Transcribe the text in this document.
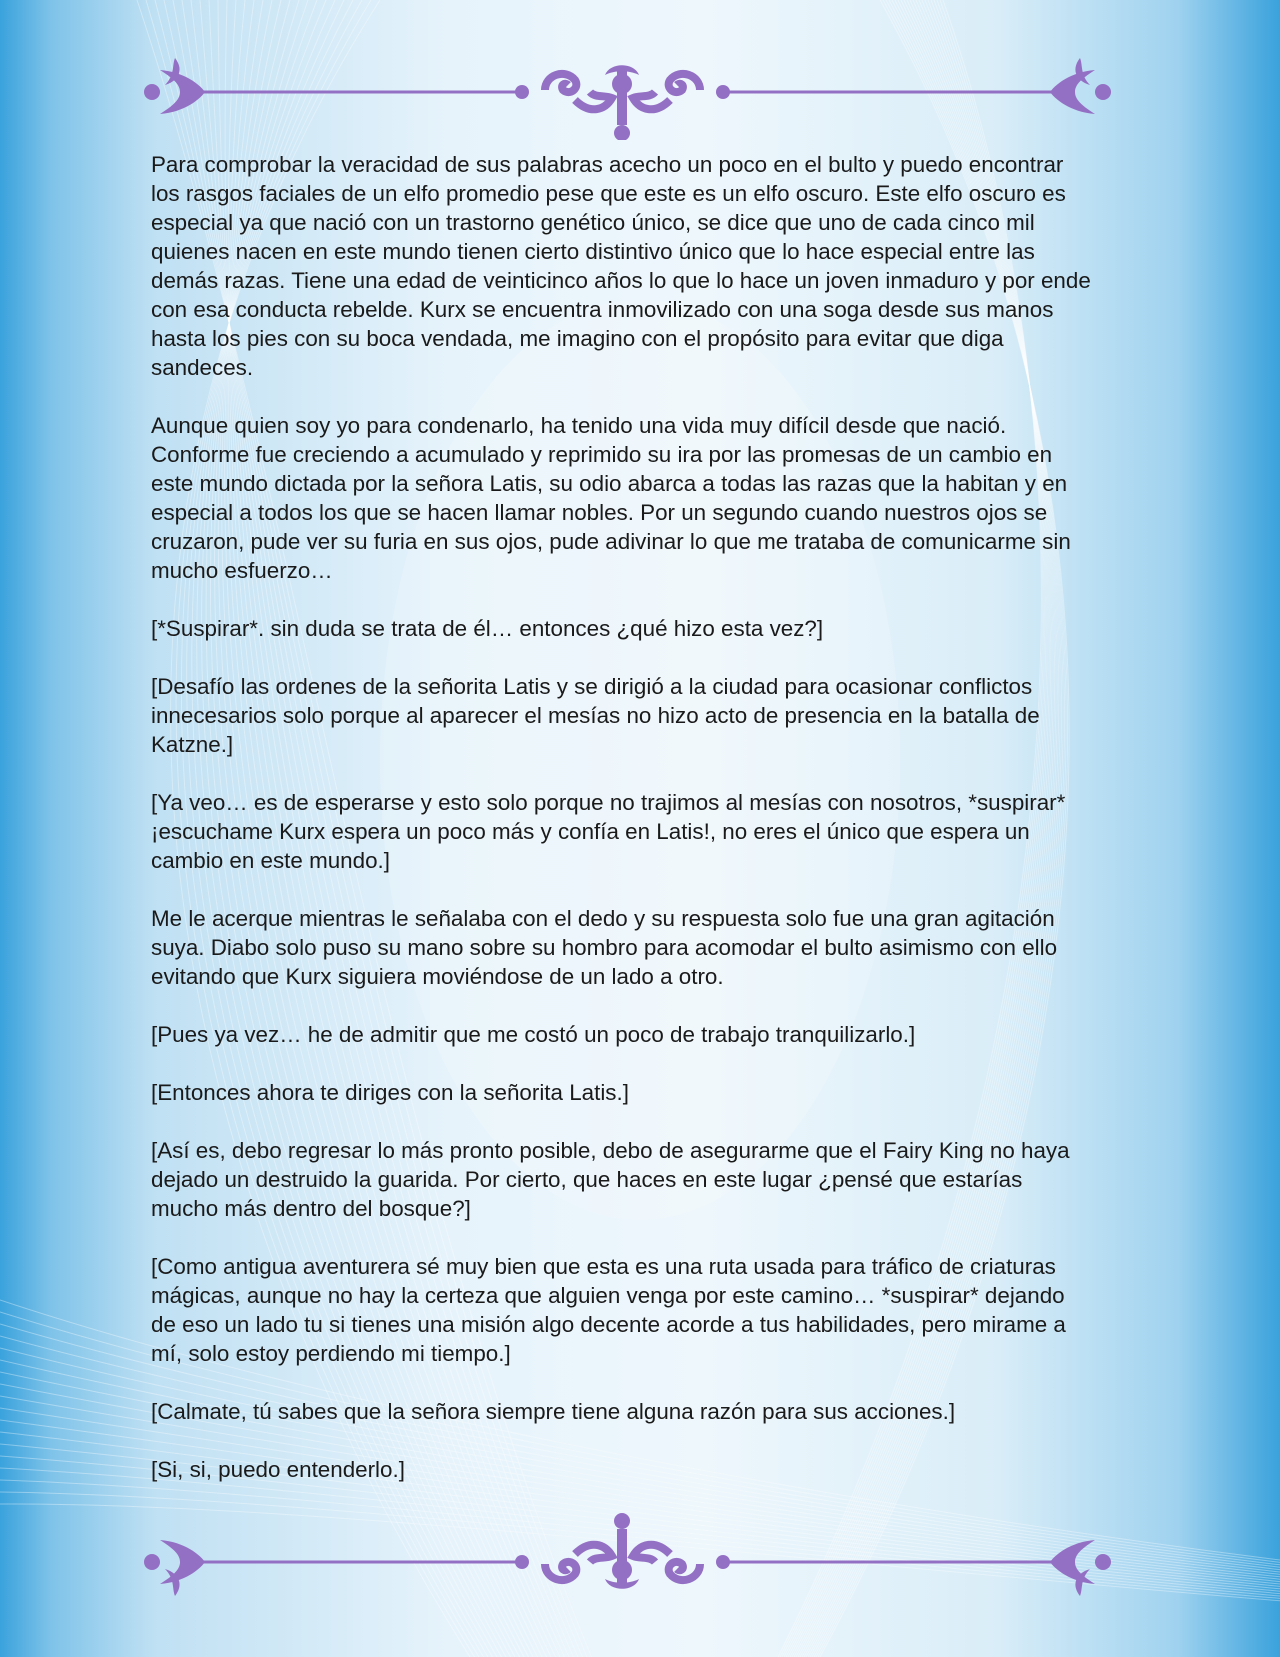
Para comprobar la veracidad de sus palabras acecho un poco en el bulto y puedo encontrar los rasgos faciales de un elfo promedio pese que este es un elfo oscuro. Este elfo oscuro es especial ya que nació con un trastorno genético único, se dice que uno de cada cinco mil quienes nacen en este mundo tienen cierto distintivo único que lo hace especial entre las demás razas. Tiene una edad de veinticinco años lo que lo hace un joven inmaduro y por ende con esa conducta rebelde. Kurx se encuentra inmovilizado con una soga desde sus manos hasta los pies con su boca vendada, me imagino con el propósito para evitar que diga sandeces.

Aunque quien soy yo para condenarlo, ha tenido una vida muy difícil desde que nació. Conforme fue creciendo a acumulado y reprimido su ira por las promesas de un cambio en este mundo dictada por la señora Latis, su odio abarca a todas las razas que la habitan y en especial a todos los que se hacen llamar nobles. Por un segundo cuando nuestros ojos se cruzaron, pude ver su furia en sus ojos, pude adivinar lo que me trataba de comunicarme sin mucho esfuerzo…

[*Suspirar*. sin duda se trata de él… entonces ¿qué hizo esta vez?]

[Desafío las ordenes de la señorita Latis y se dirigió a la ciudad para ocasionar conflictos innecesarios solo porque al aparecer el mesías no hizo acto de presencia en la batalla de Katzne.]

[Ya veo… es de esperarse y esto solo porque no trajimos al mesías con nosotros, *suspirar* ¡escuchame Kurx espera un poco más y confía en Latis!, no eres el único que espera un cambio en este mundo.]

Me le acerque mientras le señalaba con el dedo y su respuesta solo fue una gran agitación suya. Diabo solo puso su mano sobre su hombro para acomodar el bulto asimismo con ello evitando que Kurx siguiera moviéndose de un lado a otro.

[Pues ya vez… he de admitir que me costó un poco de trabajo tranquilizarlo.]

[Entonces ahora te diriges con la señorita Latis.]

[Así es, debo regresar lo más pronto posible, debo de asegurarme que el Fairy King no haya dejado un destruido la guarida. Por cierto, que haces en este lugar ¿pensé que estarías mucho más dentro del bosque?]

[Como antigua aventurera sé muy bien que esta es una ruta usada para tráfico de criaturas mágicas, aunque no hay la certeza que alguien venga por este camino… *suspirar* dejando de eso un lado tu si tienes una misión algo decente acorde a tus habilidades, pero mirame a mí, solo estoy perdiendo mi tiempo.]

[Calmate, tú sabes que la señora siempre tiene alguna razón para sus acciones.]

[Si, si, puedo entenderlo.]
